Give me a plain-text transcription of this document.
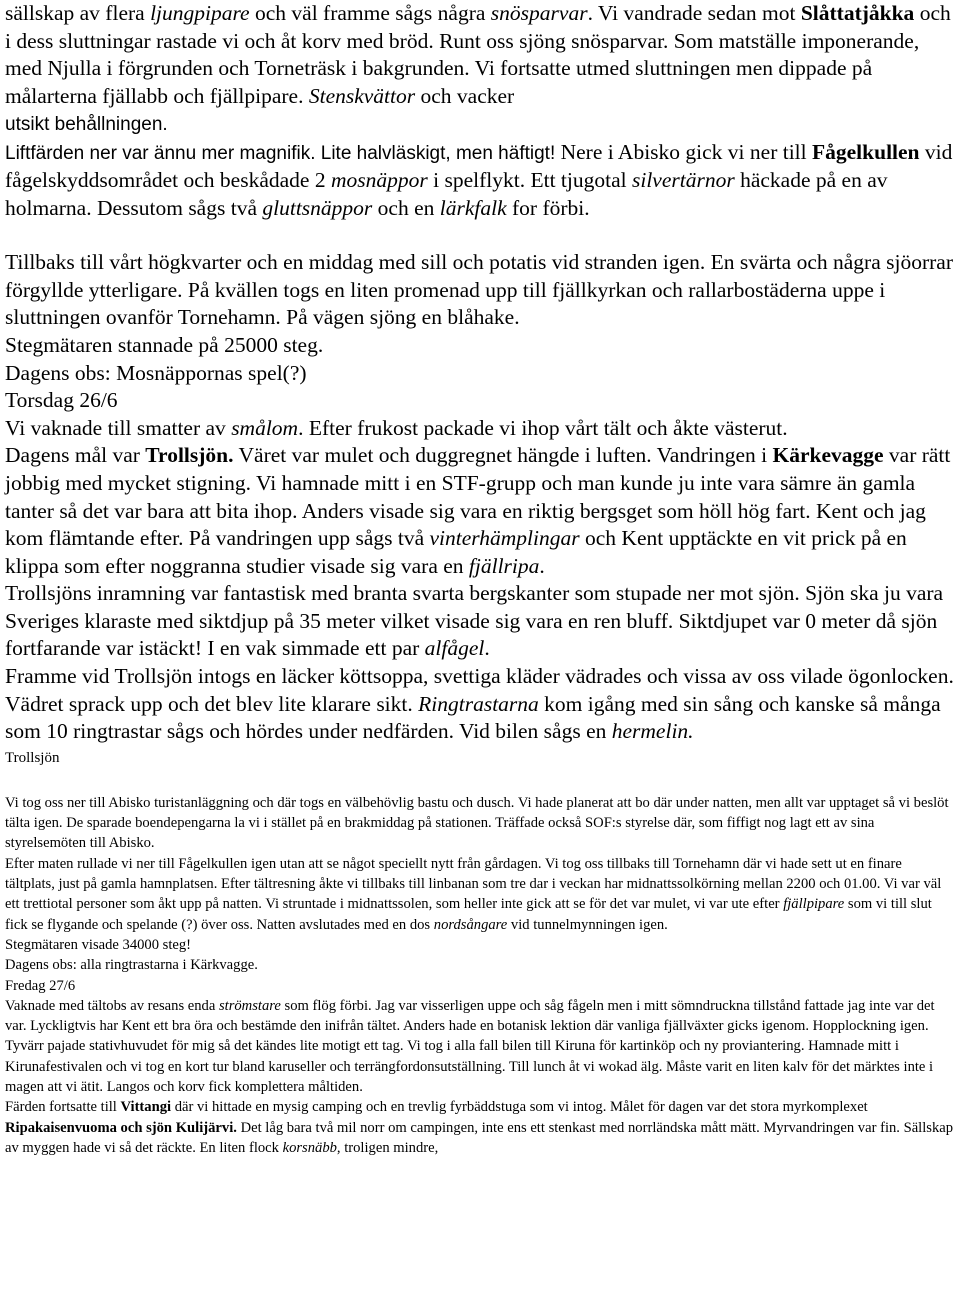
sällskap av flera ljungpipare och väl framme sågs några snösparvar. Vi vandrade sedan mot Slåttatjåkka och i dess sluttningar rastade vi och åt korv med bröd. Runt oss sjöng snösparvar. Som matställe imponerande, med Njulla i förgrunden och Torneträsk i bakgrunden. Vi fortsatte utmed sluttningen men dippade på målarterna fjällabb och fjällpipare. Stenskvättor och vacker

utsikt behållningen.

Liftfärden ner var ännu mer magnifik. Lite halvläskigt, men häftigt! Nere i Abisko gick vi ner till Fågelkullen vid fågelskyddsområdet och beskådade 2 mosnäppor i spelflykt. Ett tjugotal silvertärnor häckade på en av holmarna. Dessutom sågs två gluttsnäppor och en lärkfalk for förbi.

Tillbaks till vårt högkvarter och en middag med sill och potatis vid stranden igen. En svärta och några sjöorrar förgyllde ytterligare. På kvällen togs en liten promenad upp till fjällkyrkan och rallarbostäderna uppe i sluttningen ovanför Tornehamn. På vägen sjöng en blåhake.

Stegmätaren stannade på 25000 steg.

Dagens obs: Mosnäppornas spel(?)

Torsdag 26/6

Vi vaknade till smatter av smålom. Efter frukost packade vi ihop vårt tält och åkte västerut.

Dagens mål var Trollsjön. Väret var mulet och duggregnet hängde i luften. Vandringen i Kärkevagge var rätt jobbig med mycket stigning. Vi hamnade mitt i en STF-grupp och man kunde ju inte vara sämre än gamla tanter så det var bara att bita ihop. Anders visade sig vara en riktig bergsget som höll hög fart. Kent och jag kom flämtande efter. På vandringen upp sågs två vinterhämplingar och Kent upptäckte en vit prick på en klippa som efter noggranna studier visade sig vara en fjällripa.

Trollsjöns inramning var fantastisk med branta svarta bergskanter som stupade ner mot sjön. Sjön ska ju vara Sveriges klaraste med siktdjup på 35 meter vilket visade sig vara en ren bluff. Siktdjupet var 0 meter då sjön fortfarande var istäckt! I en vak simmade ett par alfågel.

Framme vid Trollsjön intogs en läcker köttsoppa, svettiga kläder vädrades och vissa av oss vilade ögonlocken. Vädret sprack upp och det blev lite klarare sikt. Ringtrastarna kom igång med sin sång och kanske så många som 10 ringtrastar sågs och hördes under nedfärden. Vid bilen sågs en hermelin.

Trollsjön

Vi tog oss ner till Abisko turistanläggning och där togs en välbehövlig bastu och dusch. Vi hade planerat att bo där under natten, men allt var upptaget så vi beslöt tälta igen. De sparade boendepengarna la vi i stället på en brakmiddag på stationen. Träffade också SOF:s styrelse där, som fiffigt nog lagt ett av sina styrelsemöten till Abisko.

Efter maten rullade vi ner till Fågelkullen igen utan att se något speciellt nytt från gårdagen. Vi tog oss tillbaks till Tornehamn där vi hade sett ut en finare tältplats, just på gamla hamnplatsen. Efter tältresning åkte vi tillbaks till linbanan som tre dar i veckan har midnattssolkörning mellan 2200 och 01.00. Vi var väl ett trettiotal personer som åkt upp på natten. Vi struntade i midnattssolen, som heller inte gick att se för det var mulet, vi var ute efter fjällpipare som vi till slut fick se flygande och spelande (?) över oss. Natten avslutades med en dos nordsångare vid tunnelmynningen igen.

Stegmätaren visade 34000 steg!

Dagens obs: alla ringtrastarna i Kärkvagge.

Fredag 27/6

Vaknade med tältobs av resans enda strömstare som flög förbi. Jag var visserligen uppe och såg fågeln men i mitt sömndruckna tillstånd fattade jag inte var det var. Lyckligtvis har Kent ett bra öra och bestämde den inifrån tältet. Anders hade en botanisk lektion där vanliga fjällväxter gicks igenom. Hopplockning igen. Tyvärr pajade stativhuvudet för mig så det kändes lite motigt ett tag. Vi tog i alla fall bilen till Kiruna för kartinköp och ny proviantering. Hamnade mitt i Kirunafestivalen och vi tog en kort tur bland karuseller och terrängfordonsutställning. Till lunch åt vi wokad älg. Måste varit en liten kalv för det märktes inte i magen att vi ätit. Langos och korv fick komplettera måltiden.

Färden fortsatte till Vittangi där vi hittade en mysig camping och en trevlig fyrbäddstuga som vi intog. Målet för dagen var det stora myrkomplexet Ripakaisenvuoma och sjön Kulijärvi. Det låg bara två mil norr om campingen, inte ens ett stenkast med norrländska mått mätt. Myrvandringen var fin. Sällskap av myggen hade vi så det räckte. En liten flock korsnäbb, troligen mindre,
